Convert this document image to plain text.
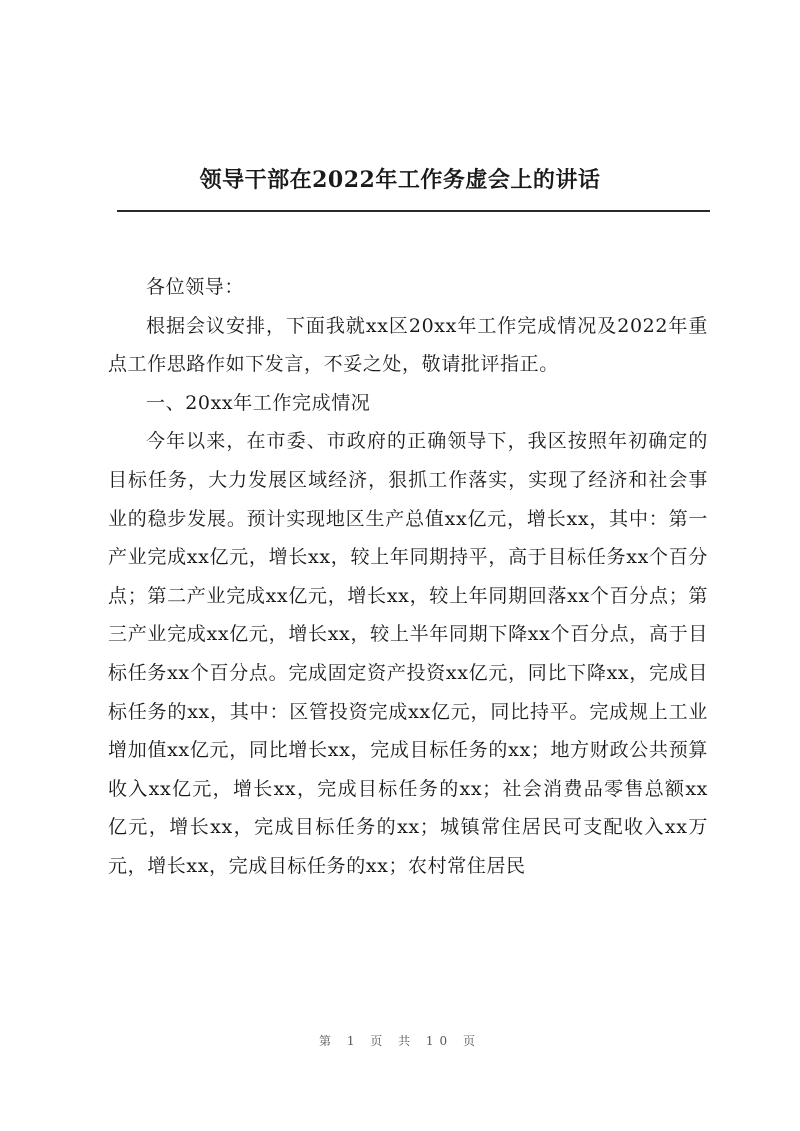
领导干部在2022年工作务虚会上的讲话

各位领导：

根据会议安排，下面我就xx区20xx年工作完成情况及2022年重点工作思路作如下发言，不妥之处，敬请批评指正。

一、20xx年工作完成情况

今年以来，在市委、市政府的正确领导下，我区按照年初确定的目标任务，大力发展区域经济，狠抓工作落实，实现了经济和社会事业的稳步发展。预计实现地区生产总值xx亿元，增长xx，其中：第一产业完成xx亿元，增长xx，较上年同期持平，高于目标任务xx个百分点；第二产业完成xx亿元，增长xx，较上年同期回落xx个百分点；第三产业完成xx亿元，增长xx，较上半年同期下降xx个百分点，高于目标任务xx个百分点。完成固定资产投资xx亿元，同比下降xx，完成目标任务的xx，其中：区管投资完成xx亿元，同比持平。完成规上工业增加值xx亿元，同比增长xx，完成目标任务的xx；地方财政公共预算收入xx亿元，增长xx，完成目标任务的xx；社会消费品零售总额xx亿元，增长xx，完成目标任务的xx；城镇常住居民可支配收入xx万元，增长xx，完成目标任务的xx；农村常住居民

第 1 页 共 10 页
